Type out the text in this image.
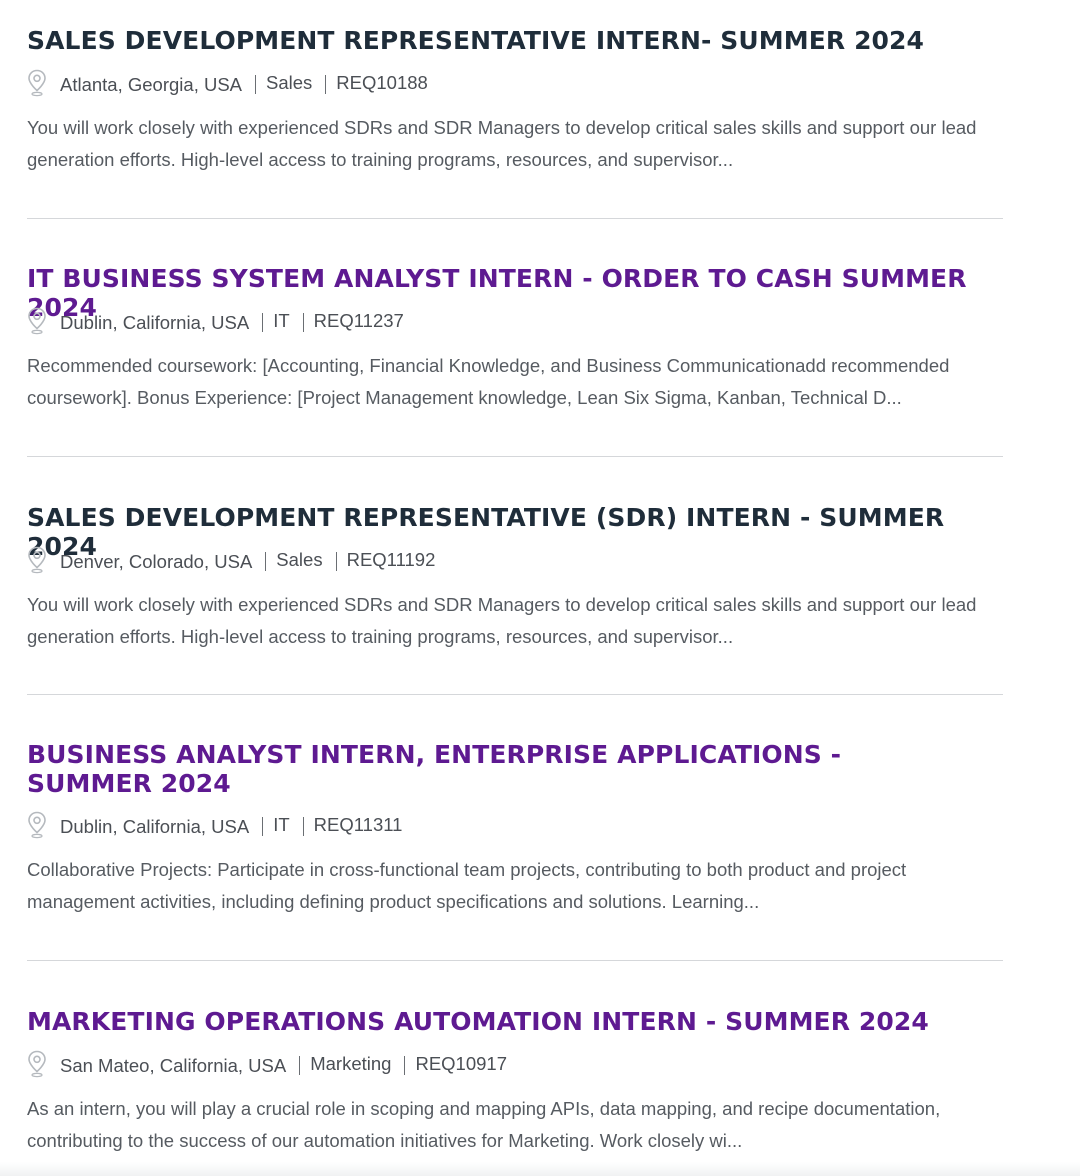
SALES DEVELOPMENT REPRESENTATIVE INTERN- SUMMER 2024
Atlanta, Georgia, USA Sales REQ10188

You will work closely with experienced SDRs and SDR Managers to develop critical sales skills and support our lead generation efforts. High-level access to training programs, resources, and supervisor...

IT BUSINESS SYSTEM ANALYST INTERN - ORDER TO CASH SUMMER 2024
Dublin, California, USA IT REQ11237

Recommended coursework: [Accounting, Financial Knowledge, and Business Communicationadd recommended coursework]. Bonus Experience: [Project Management knowledge, Lean Six Sigma, Kanban, Technical D...

SALES DEVELOPMENT REPRESENTATIVE (SDR) INTERN - SUMMER 2024
Denver, Colorado, USA Sales REQ11192

You will work closely with experienced SDRs and SDR Managers to develop critical sales skills and support our lead generation efforts. High-level access to training programs, resources, and supervisor...

BUSINESS ANALYST INTERN, ENTERPRISE APPLICATIONS - SUMMER 2024
Dublin, California, USA IT REQ11311

Collaborative Projects: Participate in cross-functional team projects, contributing to both product and project management activities, including defining product specifications and solutions. Learning...

MARKETING OPERATIONS AUTOMATION INTERN - SUMMER 2024
San Mateo, California, USA Marketing REQ10917

As an intern, you will play a crucial role in scoping and mapping APIs, data mapping, and recipe documentation, contributing to the success of our automation initiatives for Marketing. Work closely wi...
